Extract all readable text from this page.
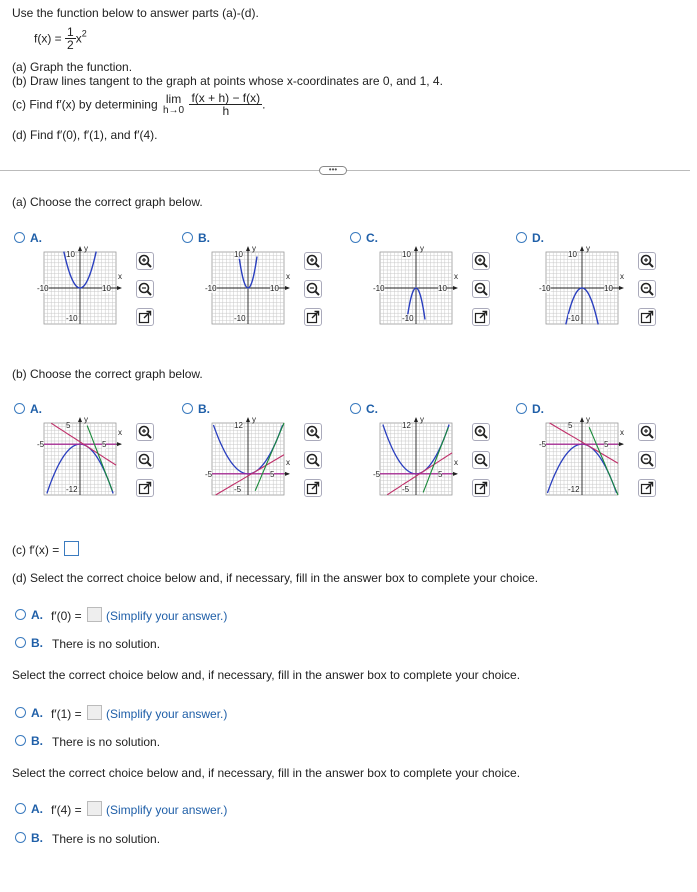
Use the function below to answer parts (a)-(d).
$f(x) = \frac{1}{2} x^2$
(a) Graph the function.
(b) Draw lines tangent to the graph at points whose x-coordinates are 0, and 1, 4.
(c) Find f′(x) by determining lim
h→0
$\frac{f(x + h) - f(x)}{h}$ .
(d) Find f′(0), f′(1), and f′(4).
•••
(a) Choose the correct graph below.
A.
10
-10
-10	10
y
x
B.
10
-10
-10	10
y
x
C.
10
-10
-10	10
y
x
D.
10
-10
-10	10
y
x
(b) Choose the correct graph below.
A.
5
-12
-5	5
y
x
B.
12
-5
-5	5
y
x
C.
12
-5
-5	5
y
x
D.
5
-12
-5	5
y
x
(c) f′(x) =
(d) Select the correct choice below and, if necessary, fill in the answer box to complete your choice.
A. f′(0) = (Simplify your answer.)
B. There is no solution.
Select the correct choice below and, if necessary, fill in the answer box to complete your choice.
A. f′(1) = (Simplify your answer.)
B. There is no solution.
Select the correct choice below and, if necessary, fill in the answer box to complete your choice.
A. f′(4) = (Simplify your answer.)
B. There is no solution.
